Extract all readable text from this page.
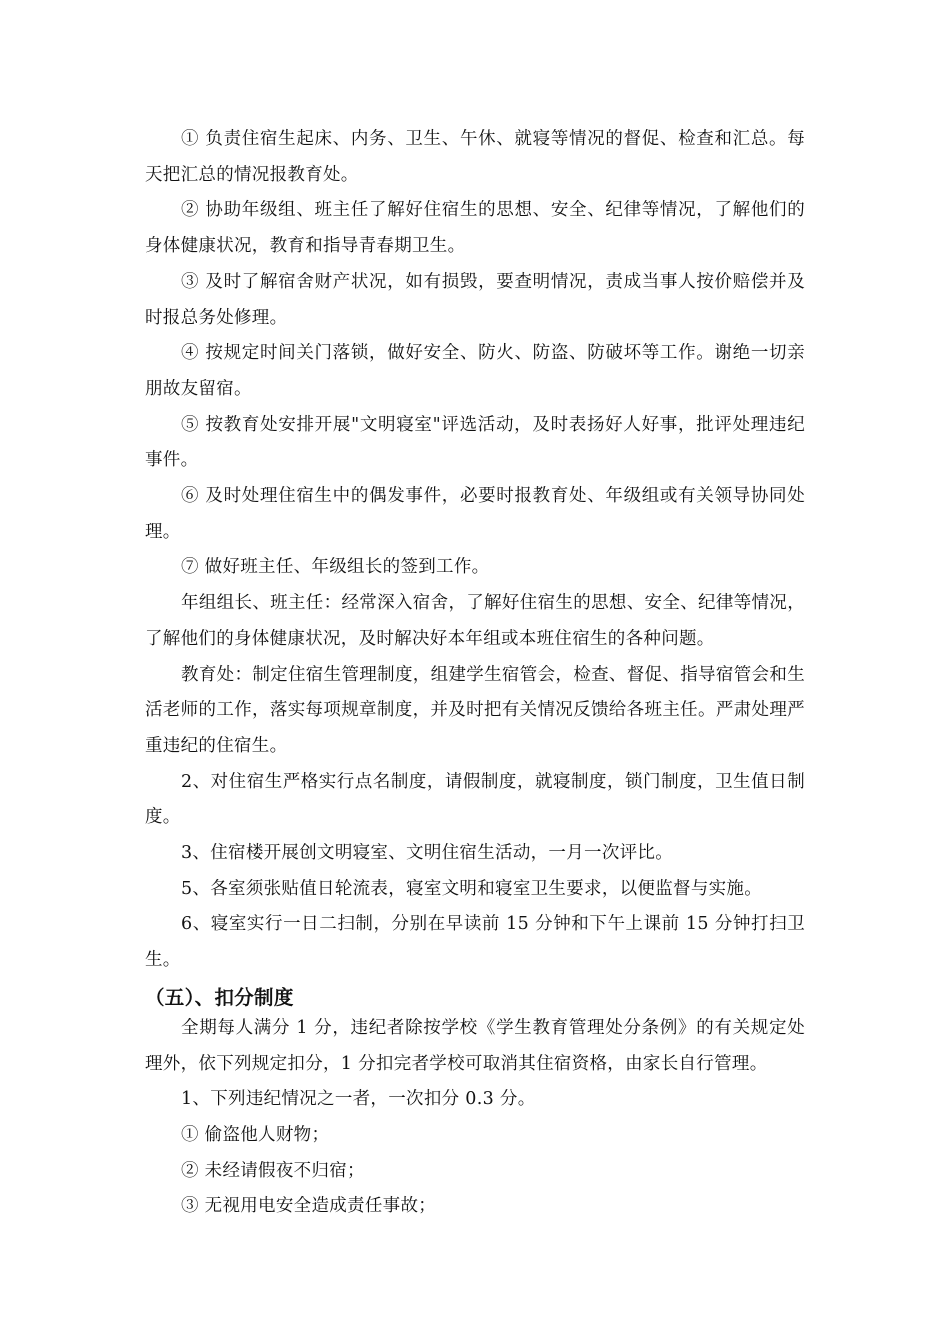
① 负责住宿生起床、内务、卫生、午休、就寝等情况的督促、检查和汇总。每天把汇总的情况报教育处。

② 协助年级组、班主任了解好住宿生的思想、安全、纪律等情况，了解他们的身体健康状况，教育和指导青春期卫生。

③ 及时了解宿舍财产状况，如有损毁，要查明情况，责成当事人按价赔偿并及时报总务处修理。

④ 按规定时间关门落锁，做好安全、防火、防盗、防破坏等工作。谢绝一切亲朋故友留宿。

⑤ 按教育处安排开展"文明寝室"评选活动，及时表扬好人好事，批评处理违纪事件。

⑥ 及时处理住宿生中的偶发事件，必要时报教育处、年级组或有关领导协同处理。

⑦ 做好班主任、年级组长的签到工作。

年组组长、班主任：经常深入宿舍，了解好住宿生的思想、安全、纪律等情况，了解他们的身体健康状况，及时解决好本年组或本班住宿生的各种问题。

教育处：制定住宿生管理制度，组建学生宿管会，检查、督促、指导宿管会和生活老师的工作，落实每项规章制度，并及时把有关情况反馈给各班主任。严肃处理严重违纪的住宿生。

2、对住宿生严格实行点名制度，请假制度，就寝制度，锁门制度，卫生值日制度。

3、住宿楼开展创文明寝室、文明住宿生活动，一月一次评比。

5、各室须张贴值日轮流表，寝室文明和寝室卫生要求，以便监督与实施。

6、寝室实行一日二扫制，分别在早读前 15 分钟和下午上课前 15 分钟打扫卫生。

（五）、扣分制度

全期每人满分 1 分，违纪者除按学校《学生教育管理处分条例》的有关规定处理外，依下列规定扣分，1 分扣完者学校可取消其住宿资格，由家长自行管理。

1、下列违纪情况之一者，一次扣分 0.3 分。

① 偷盗他人财物；

② 未经请假夜不归宿；

③ 无视用电安全造成责任事故；
